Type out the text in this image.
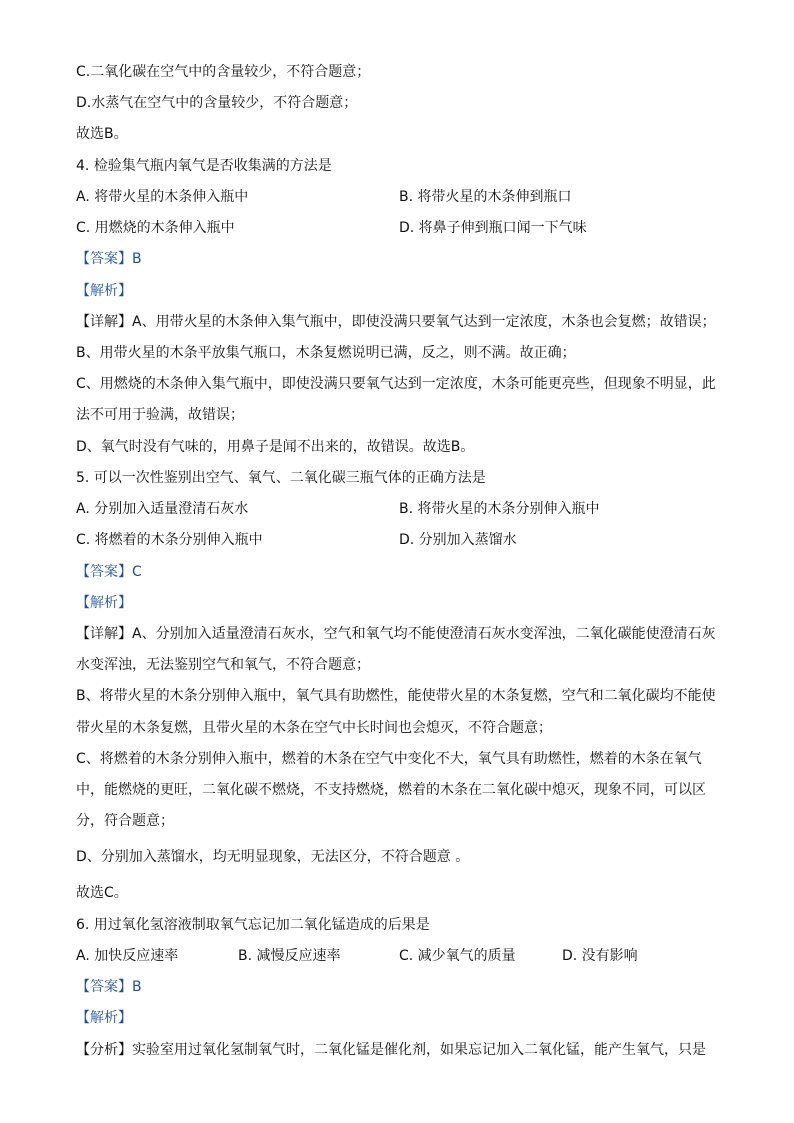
C.二氧化碳在空气中的含量较少，不符合题意；
D.水蒸气在空气中的含量较少，不符合题意；
故选B。
4. 检验集气瓶内氧气是否收集满的方法是
A. 将带火星的木条伸入瓶中	B. 将带火星的木条伸到瓶口
C. 用燃烧的木条伸入瓶中	D. 将鼻子伸到瓶口闻一下气味
【答案】B
【解析】
【详解】A、用带火星的木条伸入集气瓶中，即使没满只要氧气达到一定浓度，木条也会复燃；故错误；
B、用带火星的木条平放集气瓶口，木条复燃说明已满，反之，则不满。故正确；
C、用燃烧的木条伸入集气瓶中，即使没满只要氧气达到一定浓度，木条可能更亮些，但现象不明显，此
法不可用于验满，故错误；
D、氧气时没有气味的，用鼻子是闻不出来的，故错误。故选B。
5. 可以一次性鉴别出空气、氧气、二氧化碳三瓶气体的正确方法是
A. 分别加入适量澄清石灰水	B. 将带火星的木条分别伸入瓶中
C. 将燃着的木条分别伸入瓶中	D. 分别加入蒸馏水
【答案】C
【解析】
【详解】A、分别加入适量澄清石灰水，空气和氧气均不能使澄清石灰水变浑浊，二氧化碳能使澄清石灰
水变浑浊，无法鉴别空气和氧气，不符合题意；
B、将带火星的木条分别伸入瓶中，氧气具有助燃性，能使带火星的木条复燃，空气和二氧化碳均不能使
带火星的木条复燃，且带火星的木条在空气中长时间也会熄灭，不符合题意；
C、将燃着的木条分别伸入瓶中，燃着的木条在空气中变化不大，氧气具有助燃性，燃着的木条在氧气
中，能燃烧的更旺，二氧化碳不燃烧，不支持燃烧，燃着的木条在二氧化碳中熄灭，现象不同，可以区
分，符合题意；
D、分别加入蒸馏水，均无明显现象，无法区分，不符合题意 。
故选C。
6. 用过氧化氢溶液制取氧气忘记加二氧化锰造成的后果是
A. 加快反应速率	B. 减慢反应速率	C. 减少氧气的质量	D. 没有影响
【答案】B
【解析】
【分析】实验室用过氧化氢制氧气时，二氧化锰是催化剂，如果忘记加入二氧化锰，能产生氧气，只是
